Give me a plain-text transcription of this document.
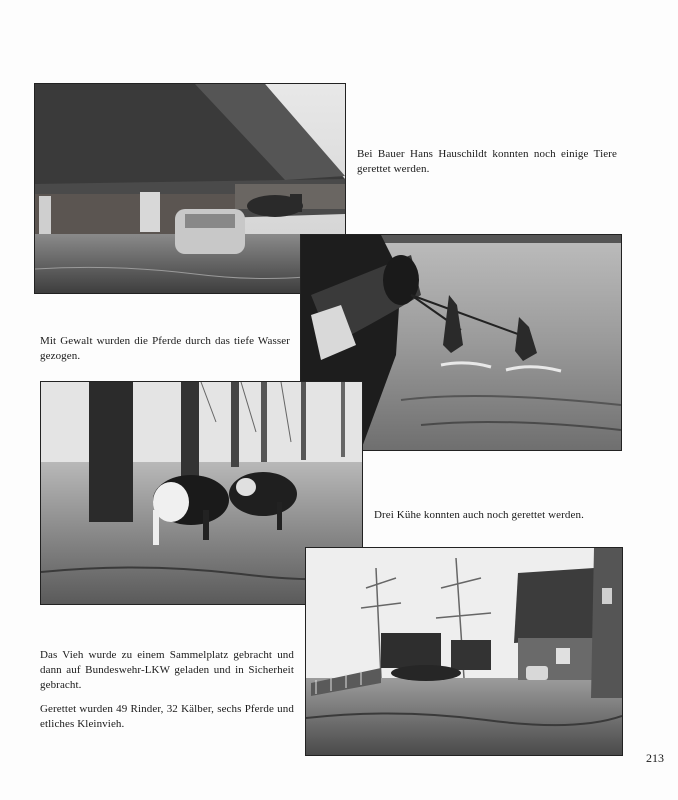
Bei Bauer Hans Hauschildt konnten noch einige Tiere gerettet werden.

Mit Gewalt wurden die Pferde durch das tiefe Wasser gezogen.

Drei Kühe konnten auch noch gerettet werden.

Das Vieh wurde zu einem Sammelplatz gebracht und dann auf Bundeswehr-LKW geladen und in Sicherheit gebracht.

Gerettet wurden 49 Rinder, 32 Kälber, sechs Pferde und etliches Kleinvieh.

213
